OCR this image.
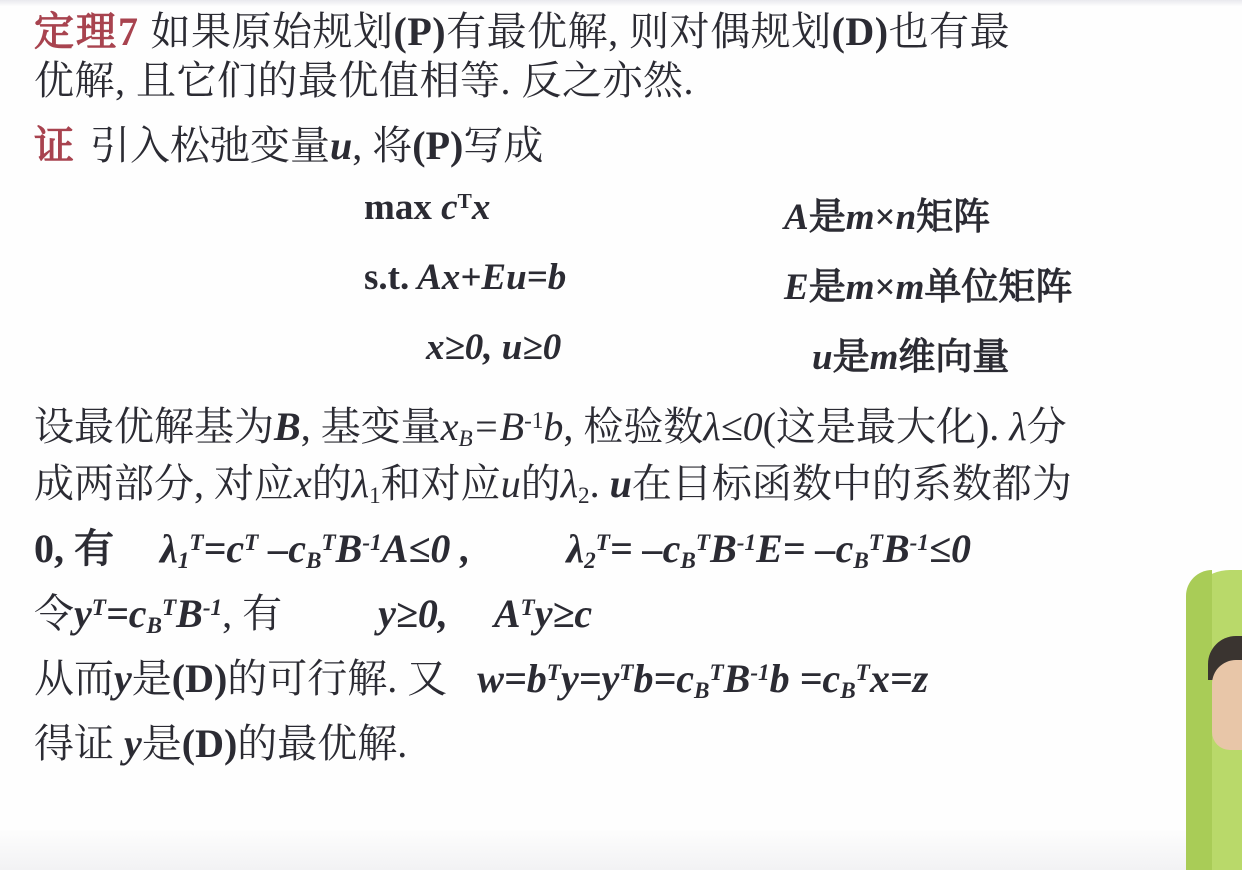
定理7 如果原始规划(P)有最优解, 则对偶规划(D)也有最
优解, 且它们的最优值相等. 反之亦然.
证 引入松弛变量u, 将(P)写成
$\max c^Tx$	A是m×n矩阵
s.t. Ax+Eu=b	E是m×m单位矩阵
x≥0, u≥0	u是m维向量
设最优解基为B, 基变量$x_B=B^{-1}b$, 检验数λ≤0(这是最大化). λ分
成两部分, 对应x的$\lambda_1$和对应u的$\lambda_2$. u在目标函数中的系数都为
0, 有 $\lambda_1^T=c^T$ $-c_B^TB^{-1}A\le 0$ , $\lambda_2^T= -c_B^TB^{-1}E= -c_B^TB^{-1}\le 0$
令$y^T=c_B^TB^{-1}$, 有 y≥0, $A^Ty\ge c$
从而y是(D)的可行解. 又 $w=b^Ty=y^Tb=c_B^TB^{-1}b =c_B^Tx=z$
得证 y是(D)的最优解.
